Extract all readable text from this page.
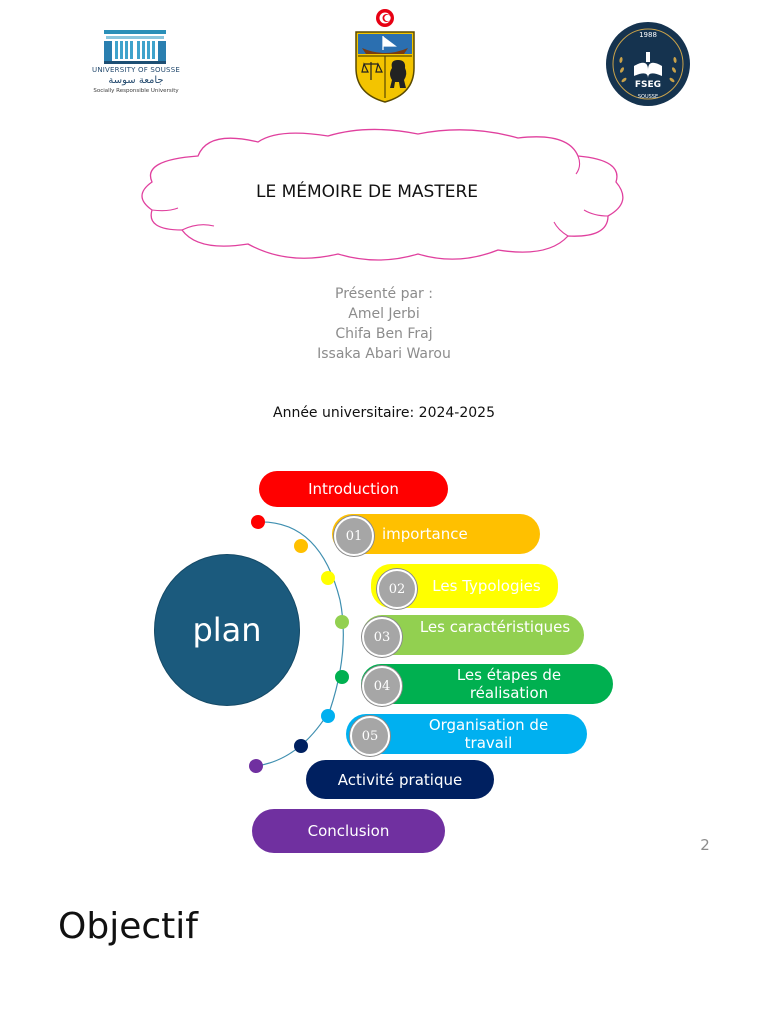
UNIVERSITY OF SOUSSE
جامعة سوسة
Socially Responsible University
1988
FSEG
SOUSSE
LE MÉMOIRE DE MASTERE
Présenté par :
Amel Jerbi
Chifa Ben Fraj
Issaka Abari Warou
Année universitaire: 2024-2025
plan
Introduction
importance
01
Les Typologies
02
Les caractéristiques
03
Les étapes de réalisation
04
Organisation de travail
05
Activité pratique
Conclusion
2
Objectif
